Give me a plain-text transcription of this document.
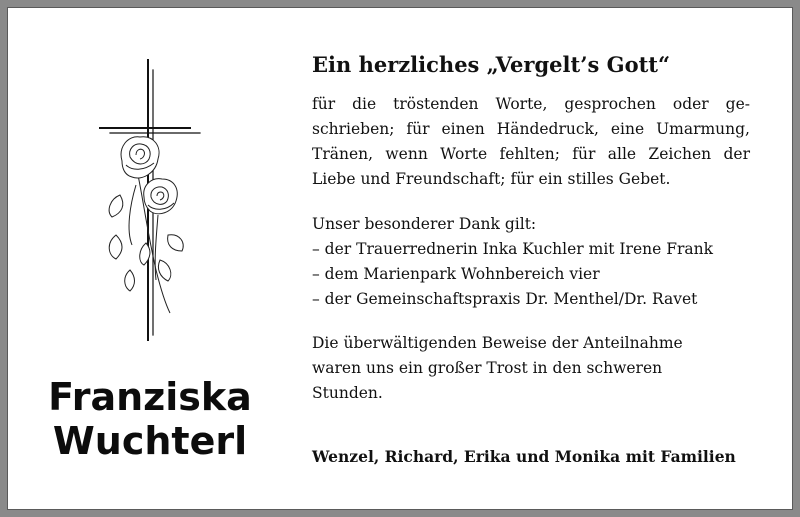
Franziska
Wuchterl
Ein herzliches „Vergelt’s Gott“

für die tröstenden Worte, gesprochen oder ge-
schrieben; für einen Händedruck, eine Umarmung,
Tränen, wenn Worte fehlten; für alle Zeichen der
Liebe und Freundschaft; für ein stilles Gebet.

Unser besonderer Dank gilt:
– der Trauerrednerin Inka Kuchler mit Irene Frank
– dem Marienpark Wohnbereich vier
– der Gemeinschaftspraxis Dr. Menthel/Dr. Ravet

Die überwältigenden Beweise der Anteilnahme
waren uns ein großer Trost in den schweren
Stunden.

Wenzel, Richard, Erika und Monika mit Familien
